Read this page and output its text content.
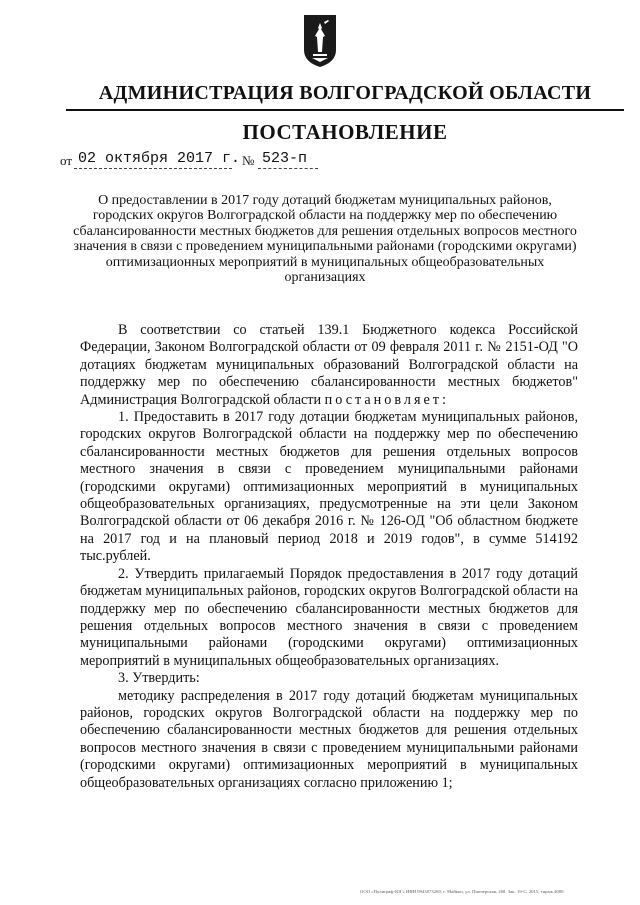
АДМИНИСТРАЦИЯ ВОЛГОГРАДСКОЙ ОБЛАСТИ
ПОСТАНОВЛЕНИЕ
от 02 октября 2017 г. № 523-п
О предоставлении в 2017 году дотаций бюджетам муниципальных районов, городских округов Волгоградской области на поддержку мер по обеспечению сбалансированности местных бюджетов для решения отдельных вопросов местного значения в связи с проведением муниципальными районами (городскими округами) оптимизационных мероприятий в муниципальных общеобразовательных организациях

В соответствии со статьей 139.1 Бюджетного кодекса Российской Федерации, Законом Волгоградской области от 09 февраля 2011 г. № 2151-ОД "О дотациях бюджетам муниципальных образований Волгоградской области на поддержку мер по обеспечению сбалансированности местных бюджетов" Администрация Волгоградской области постановляет:

1. Предоставить в 2017 году дотации бюджетам муниципальных районов, городских округов Волгоградской области на поддержку мер по обеспечению сбалансированности местных бюджетов для решения отдельных вопросов местного значения в связи с проведением муниципальными районами (городскими округами) оптимизационных мероприятий в муниципальных общеобразовательных организациях, предусмотренные на эти цели Законом Волгоградской области от 06 декабря 2016 г. № 126-ОД "Об областном бюджете на 2017 год и на плановый период 2018 и 2019 годов", в сумме 514192 тыс.рублей.

2. Утвердить прилагаемый Порядок предоставления в 2017 году дотаций бюджетам муниципальных районов, городских округов Волгоградской области на поддержку мер по обеспечению сбалансированности местных бюджетов для решения отдельных вопросов местного значения в связи с проведением муниципальными районами (городскими округами) оптимизационных мероприятий в муниципальных общеобразовательных организациях.

3. Утвердить:

методику распределения в 2017 году дотаций бюджетам муниципальных районов, городских округов Волгоградской области на поддержку мер по обеспечению сбалансированности местных бюджетов для решения отдельных вопросов местного значения в связи с проведением муниципальными районами (городскими округами) оптимизационных мероприятий в муниципальных общеобразовательных организациях согласно приложению 1;

ООО «Полиграф-ЮГ» ИНН 0943073269, г. Майкоп, ул. Пионерская, 268. Зак. 19-С, 2015, тираж 4000
